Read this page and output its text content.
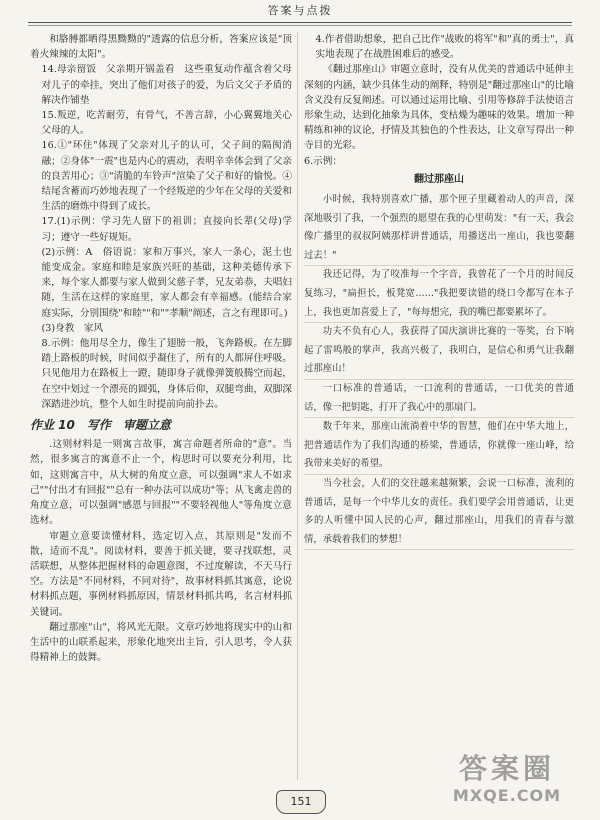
答案与点拨

和胳膊都晒得黑黝黝的"透露的信息分析，答案应该是"顶着火辣辣的太阳"。

14.母亲留饭　父亲期开锅盖看　这些重复动作蕴含着父母对儿子的牵挂，突出了他们对孩子的爱，为后文父子矛盾的解决作铺垫

15.叛逆，吃苦耐劳，有骨气，不善言辞，小心翼翼地关心父母的人。

16.①"环住"体现了父亲对儿子的认可，父子间的隔阂消融；②身体"一震"也是内心的震动，表明辛幸体会到了父亲的良苦用心；③"清脆的车铃声"渲染了父子和好的愉悦。④结尾含蓄而巧妙地表现了一个经叛逆的少年在父母的关爱和生活的磨炼中得到了成长。

17.(1)示例：学习先人留下的祖训；直接向长辈(父母)学习；遵守一些好规矩。

(2)示例：A　俗语说：家和万事兴，家人一条心，泥土也能变成金。家庭和睦是家族兴旺的基础，这种美德传承下来，每个家人都要与家人做到父慈子孝，兄友弟恭，夫唱妇随，生活在这样的家庭里，家人都会有幸福感。(能结合家庭实际，分别围绕"和睦""和""孝顺"阐述，言之有理即可。)

(3)身教　家风

8.示例：他用尽全力，像生了翅膀一般，飞奔路板。在左脚踏上路板的时候，时间似乎凝住了，所有的人都屏住呼吸。只见他用力在路板上一蹬，随即身子就像弹簧般腾空而起，在空中划过一个漂亮的圆弧，身体后仰，双腿弯曲，双脚深深踏进沙坑，整个人如生时提前向前扑去。

作业 10　写作　审题立意

.这则材料是一则寓言故事，寓言命题者所命的"意"。当然，很多寓言的寓意不止一个，构思时可以要充分利用，比如，这则寓言中，从大树的角度立意，可以强调"求人不如求己""付出才有回报""总有一种办法可以成功"等；从飞禽走兽的角度立意，可以强调"感恩与回报""不要轻视他人"等角度立意选材。

审题立意要读懂材料，选定切入点，其原则是"发而不散，适而不乱"。阅读材料，要善于抓关键，要寻找联想，灵活联想，从整体把握材料的命题意图，不过度解读，不天马行空。方法是"不同材料，不同对待"，故事材料抓其寓意，论说材料抓点题，事例材料抓原因，情景材料抓共鸣，名言材料抓关键词。

翻过那座"山"，将风光无限。文章巧妙地将现实中的山和生活中的山联系起来，形象化地突出主旨，引人思考，令人获得精神上的鼓舞。

4.作者借助想象，把自己比作"战败的将军"和"真的勇士"，真实地表现了在战胜困难后的感受。

《翻过那座山》审题立意时，没有从优美的普通话中延伸主深刻的内涵，缺少具体生动的阐释，特别是"翻过那座山"的比喻含义没有反复阐述。可以通过运用比喻、引用等修辞手法使语言形象生动，达到化抽象为具体，变枯燥为趣味的效果。增加一种精练和神的议论，抒情及其独色的个性表达，让文章写得出一种寺目的光彩。

6.示例：

翻过那座山

小时候，我特别喜欢广播，那个匣子里藏着动人的声音，深深地吸引了我，一个强烈的愿望在我的心里萌发："有一天，我会像广播里的叔叔阿姨那样讲普通话，用播送出一座山，我也要翻过去！"

我还记得，为了咬准每一个字音，我曾花了一个月的时间反复练习，"扁担长，板凳宽……"我把要读错的绕口令都写在本子上，我也更加喜爱上了，"每每想完，我的嘴巴都要累坏了。

功夫不负有心人，我获得了国庆演讲比赛的一等奖，台下响起了雷鸣般的掌声，我高兴极了，我明白，是信心和勇气让我翻过那座山！

一口标准的普通话，一口流利的普通话，一口优美的普通话，像一把钥匙，打开了我心中的那扇门。

数千年来，那座山流淌着中华的智慧，他们在中华大地上，把普通话作为了我们沟通的桥梁，普通话，你就像一座山峰，给我带来美好的希望。

当今社会，人们的交往越来越频繁，会说一口标准，流利的普通话，是每一个中华儿女的责任。我们要学会用普通话，让更多的人听懂中国人民的心声，翻过那座山，用我们的青春与激情，承载着我们的梦想！

151
答案圈
MXQE.COM
